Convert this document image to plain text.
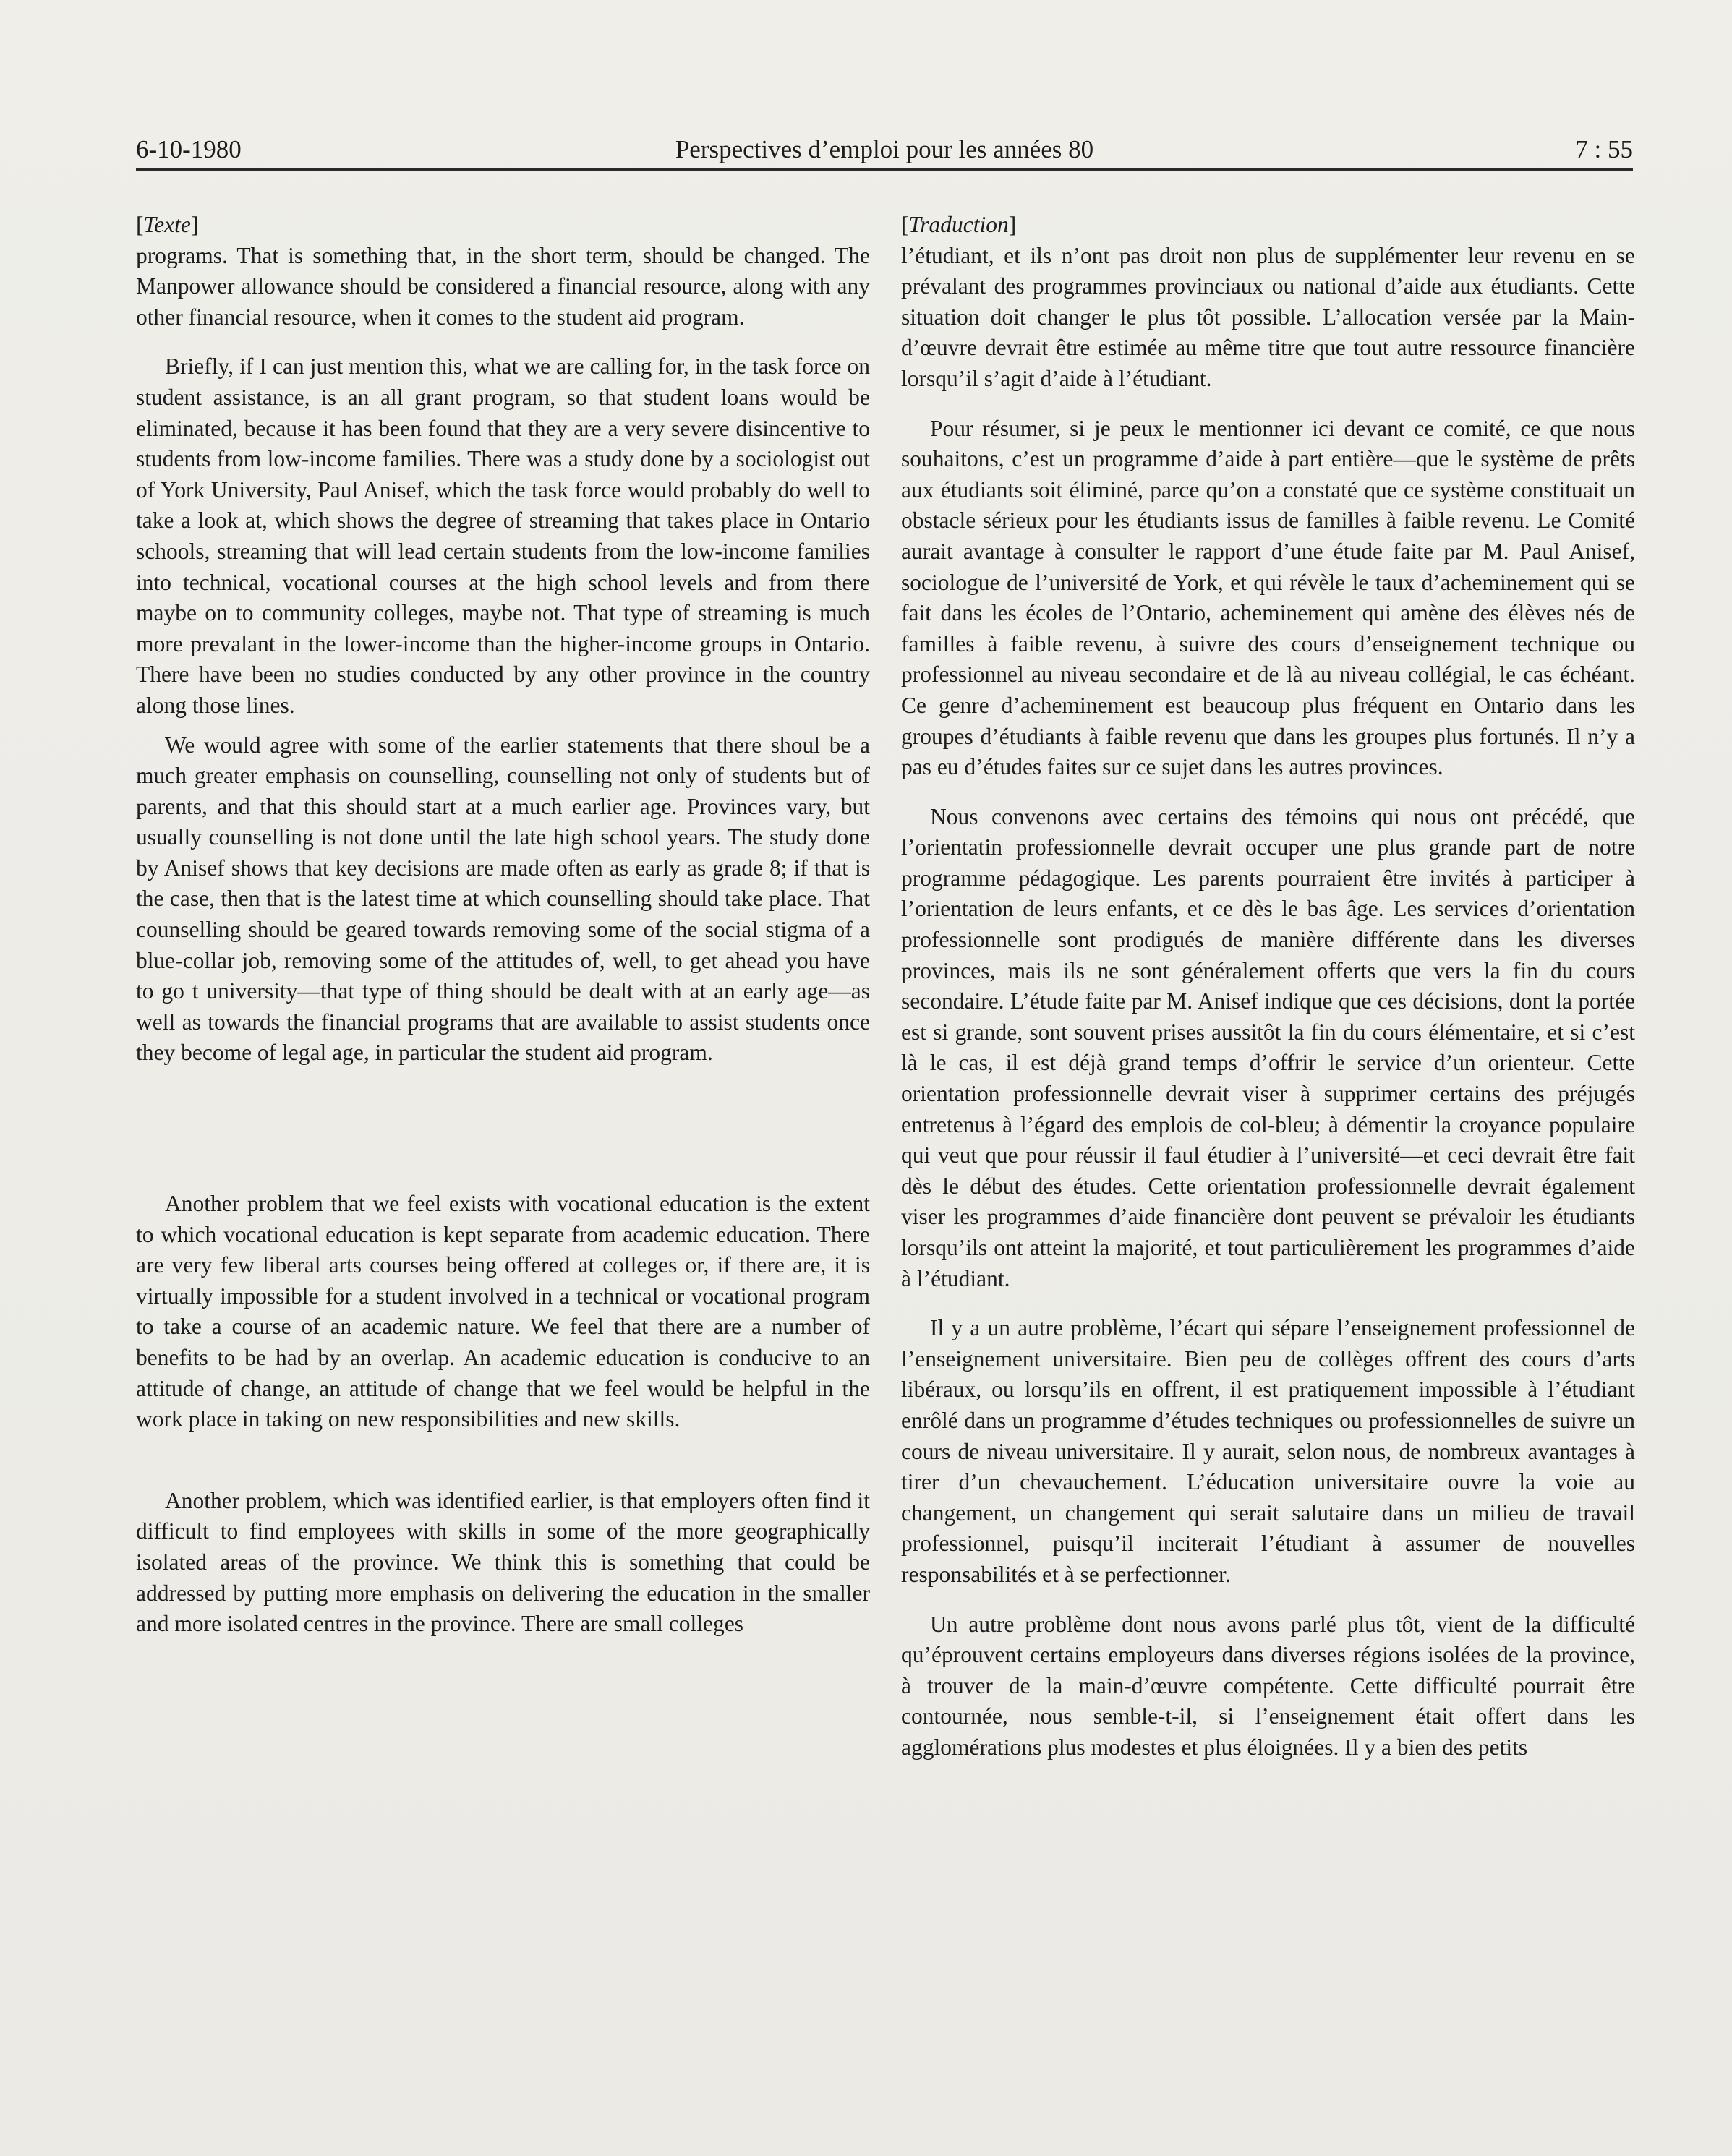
6-10-1980	Perspectives d’emploi pour les années 80	7 : 55

[Texte]

programs. That is something that, in the short term, should be changed. The Manpower allowance should be considered a financial resource, along with any other financial resource, when it comes to the student aid program.

Briefly, if I can just mention this, what we are calling for, in the task force on student assistance, is an all grant program, so that student loans would be eliminated, because it has been found that they are a very severe disincentive to students from low-income families. There was a study done by a sociologist out of York University, Paul Anisef, which the task force would probably do well to take a look at, which shows the degree of streaming that takes place in Ontario schools, streaming that will lead certain students from the low-income families into technical, vocational courses at the high school levels and from there maybe on to community colleges, maybe not. That type of streaming is much more prevalant in the lower-income than the higher-income groups in Ontario. There have been no studies conducted by any other province in the country along those lines.

We would agree with some of the earlier statements that there shoul be a much greater emphasis on counselling, counselling not only of students but of parents, and that this should start at a much earlier age. Provinces vary, but usually counselling is not done until the late high school years. The study done by Anisef shows that key decisions are made often as early as grade 8; if that is the case, then that is the latest time at which counselling should take place. That counselling should be geared towards removing some of the social stigma of a blue-collar job, removing some of the attitudes of, well, to get ahead you have to go t university—that type of thing should be dealt with at an early age—as well as towards the financial programs that are available to assist students once they become of legal age, in particular the student aid program.

Another problem that we feel exists with vocational education is the extent to which vocational education is kept separate from academic education. There are very few liberal arts courses being offered at colleges or, if there are, it is virtually impossible for a student involved in a technical or vocational program to take a course of an academic nature. We feel that there are a number of benefits to be had by an overlap. An academic education is conducive to an attitude of change, an attitude of change that we feel would be helpful in the work place in taking on new responsibilities and new skills.

Another problem, which was identified earlier, is that employers often find it difficult to find employees with skills in some of the more geographically isolated areas of the province. We think this is something that could be addressed by putting more emphasis on delivering the education in the smaller and more isolated centres in the province. There are small colleges

[Traduction]

l’étudiant, et ils n’ont pas droit non plus de supplémenter leur revenu en se prévalant des programmes provinciaux ou national d’aide aux étudiants. Cette situation doit changer le plus tôt possible. L’allocation versée par la Main-d’œuvre devrait être estimée au même titre que tout autre ressource financière lorsqu’il s’agit d’aide à l’étudiant.

Pour résumer, si je peux le mentionner ici devant ce comité, ce que nous souhaitons, c’est un programme d’aide à part entière—que le système de prêts aux étudiants soit éliminé, parce qu’on a constaté que ce système constituait un obstacle sérieux pour les étudiants issus de familles à faible revenu. Le Comité aurait avantage à consulter le rapport d’une étude faite par M. Paul Anisef, sociologue de l’université de York, et qui révèle le taux d’acheminement qui se fait dans les écoles de l’Ontario, acheminement qui amène des élèves nés de familles à faible revenu, à suivre des cours d’enseignement technique ou professionnel au niveau secondaire et de là au niveau collégial, le cas échéant. Ce genre d’acheminement est beaucoup plus fréquent en Ontario dans les groupes d’étudiants à faible revenu que dans les groupes plus fortunés. Il n’y a pas eu d’études faites sur ce sujet dans les autres provinces.

Nous convenons avec certains des témoins qui nous ont précédé, que l’orientatin professionnelle devrait occuper une plus grande part de notre programme pédagogique. Les parents pourraient être invités à participer à l’orientation de leurs enfants, et ce dès le bas âge. Les services d’orientation professionnelle sont prodigués de manière différente dans les diverses provinces, mais ils ne sont généralement offerts que vers la fin du cours secondaire. L’étude faite par M. Anisef indique que ces décisions, dont la portée est si grande, sont souvent prises aussitôt la fin du cours élémentaire, et si c’est là le cas, il est déjà grand temps d’offrir le service d’un orienteur. Cette orientation professionnelle devrait viser à supprimer certains des préjugés entretenus à l’égard des emplois de col-bleu; à démentir la croyance populaire qui veut que pour réussir il faul étudier à l’université—et ceci devrait être fait dès le début des études. Cette orientation professionnelle devrait également viser les programmes d’aide financière dont peuvent se prévaloir les étudiants lorsqu’ils ont atteint la majorité, et tout particulièrement les programmes d’aide à l’étudiant.

Il y a un autre problème, l’écart qui sépare l’enseignement professionnel de l’enseignement universitaire. Bien peu de collèges offrent des cours d’arts libéraux, ou lorsqu’ils en offrent, il est pratiquement impossible à l’étudiant enrôlé dans un programme d’études techniques ou professionnelles de suivre un cours de niveau universitaire. Il y aurait, selon nous, de nombreux avantages à tirer d’un chevauchement. L’éducation universitaire ouvre la voie au changement, un changement qui serait salutaire dans un milieu de travail professionnel, puisqu’il inciterait l’étudiant à assumer de nouvelles responsabilités et à se perfectionner.

Un autre problème dont nous avons parlé plus tôt, vient de la difficulté qu’éprouvent certains employeurs dans diverses régions isolées de la province, à trouver de la main-d’œuvre compétente. Cette difficulté pourrait être contournée, nous semble-t-il, si l’enseignement était offert dans les agglomérations plus modestes et plus éloignées. Il y a bien des petits
